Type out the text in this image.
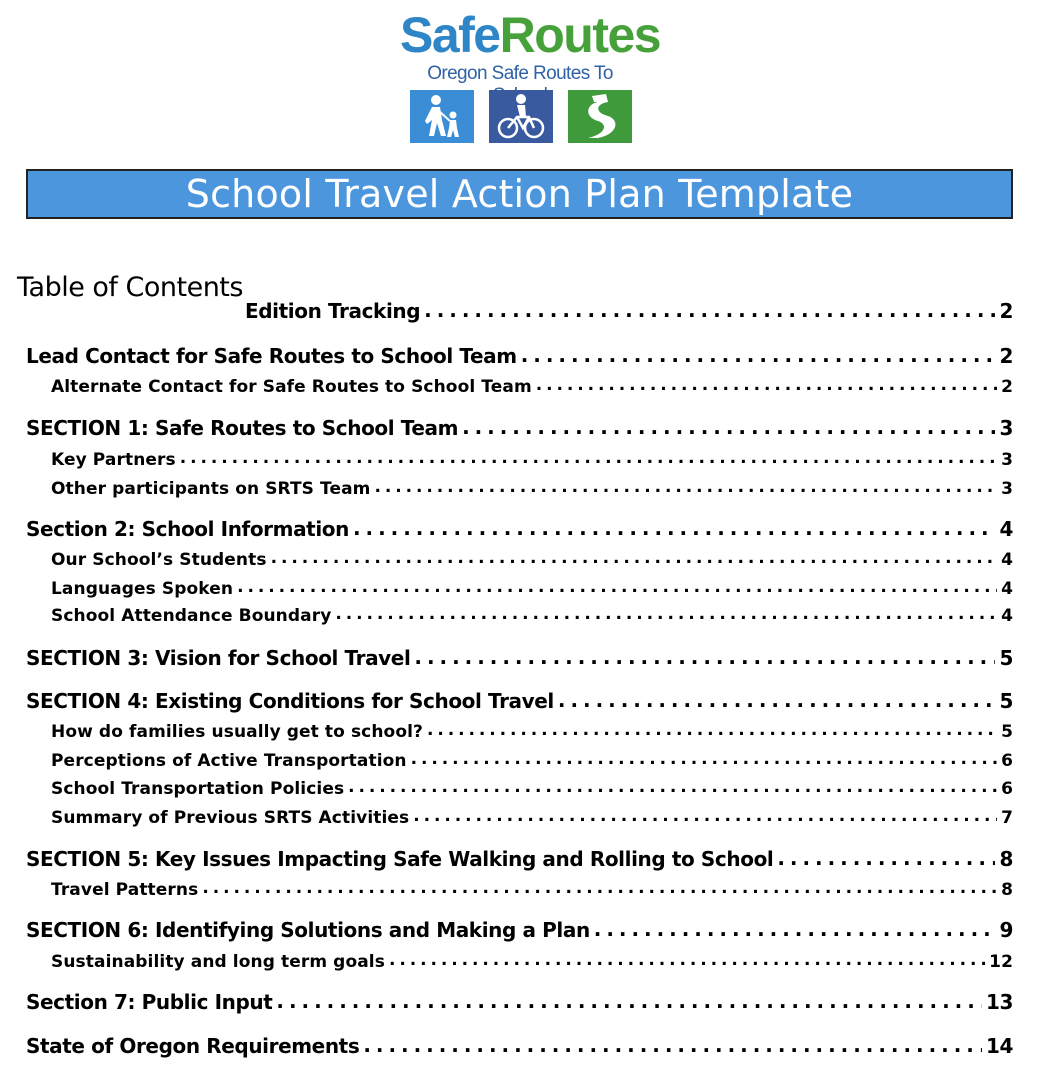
SafeRoutes
Oregon Safe Routes To
School Travel Action Plan Template
Table of Contents
Edition Tracking . . .	2
Lead Contact for Safe Routes to School Team . . .	2
Alternate Contact for Safe Routes to School Team . . .	2
SECTION 1: Safe Routes to School Team . . .	3
Key Partners . . .	3
Other participants on SRTS Team . . .	3
Section 2: School Information . . .	4
Our School’s Students . . .	4
Languages Spoken . . .	4
School Attendance Boundary . . .	4
SECTION 3: Vision for School Travel . . .	5
SECTION 4: Existing Conditions for School Travel . . .	5
How do families usually get to school? . . .	5
Perceptions of Active Transportation . . .	6
School Transportation Policies . . .	6
Summary of Previous SRTS Activities . . .	7
SECTION 5: Key Issues Impacting Safe Walking and Rolling to School . . .	8
Travel Patterns . . .	8
SECTION 6: Identifying Solutions and Making a Plan . . .	9
Sustainability and long term goals . . .	12
Section 7: Public Input . . .	13
State of Oregon Requirements . . .	14
